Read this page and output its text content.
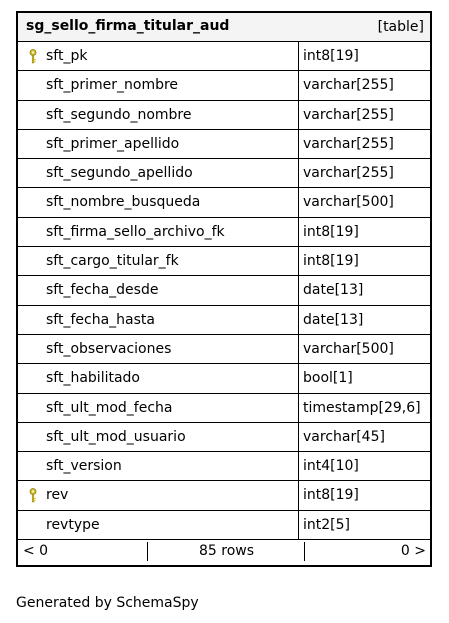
sg_sello_firma_titular_aud	[table]
sft_pk	int8[19]
sft_primer_nombre	varchar[255]
sft_segundo_nombre	varchar[255]
sft_primer_apellido	varchar[255]
sft_segundo_apellido	varchar[255]
sft_nombre_busqueda	varchar[500]
sft_firma_sello_archivo_fk	int8[19]
sft_cargo_titular_fk	int8[19]
sft_fecha_desde	date[13]
sft_fecha_hasta	date[13]
sft_observaciones	varchar[500]
sft_habilitado	bool[1]
sft_ult_mod_fecha	timestamp[29,6]
sft_ult_mod_usuario	varchar[45]
sft_version	int4[10]
rev	int8[19]
revtype	int2[5]
< 0	85 rows	0 >
Generated by SchemaSpy
